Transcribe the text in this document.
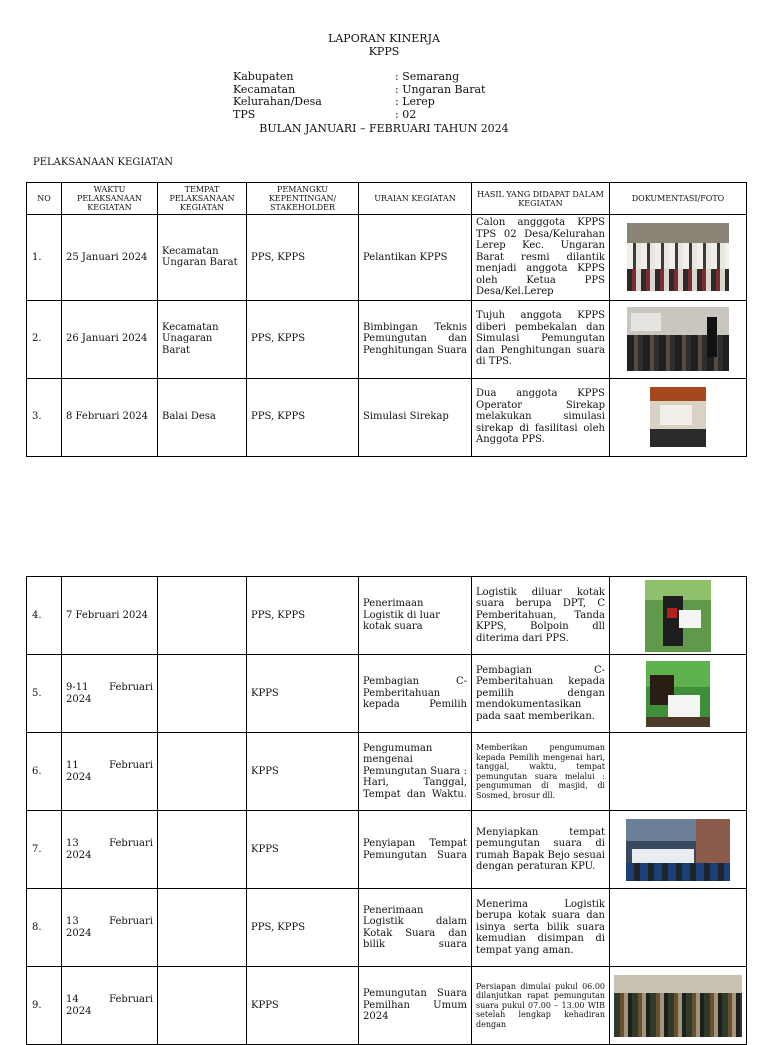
LAPORAN KINERJA
KPPS
Kabupaten	: Semarang
Kecamatan	: Ungaran Barat
Kelurahan/Desa	: Lerep
TPS	: 02
BULAN JANUARI – FEBRUARI TAHUN 2024
PELAKSANAAN KEGIATAN
NO	WAKTU PELAKSANAAN KEGIATAN	TEMPAT PELAKSANAAN KEGIATAN	PEMANGKU KEPENTINGAN/ STAKEHOLDER	URAIAN KEGIATAN	HASIL YANG DIDAPAT DALAM KEGIATAN	DOKUMENTASI/FOTO
1.	25 Januari 2024	Kecamatan Ungaran Barat	PPS, KPPS	Pelantikan KPPS	Calon angggota KPPS TPS 02 Desa/Kelurahan Lerep Kec. Ungaran Barat resmi dilantik menjadi anggota KPPS oleh Ketua PPS Desa/Kel.Lerep	

2.	26 Januari 2024	Kecamatan Unagaran Barat	PPS, KPPS	Bimbingan Teknis Pemungutan dan Penghitungan Suara	Tujuh anggota KPPS diberi pembekalan dan Simulasi Pemungutan dan Penghitungan suara di TPS.	

3.	8 Februari 2024	Balai Desa	PPS, KPPS	Simulasi Sirekap	Dua anggota KPPS Operator Sirekap melakukan simulasi sirekap di fasilitasi oleh Anggota PPS.	
4.	7 Februari 2024		PPS, KPPS	Penerimaan Logistik di luar kotak suara	Logistik diluar kotak suara berupa DPT, C Pemberitahuan, Tanda KPPS, Bolpoin dll diterima dari PPS.	

5.	9-11 Februari 2024		KPPS	Pembagian C-Pemberitahuan kepada Pemilih	Pembagian C-Pemberitahuan kepada pemilih dengan mendokumentasikan pada saat memberikan.	

6.	11 Februari 2024		KPPS	Pengumuman mengenai Pemungutan Suara : Hari, Tanggal, Tempat dan Waktu.	Memberikan pengumuman kepada Pemilih mengenai hari, tanggal, waktu, tempat pemungutan suara melalui : pengumuman di masjid, di Sosmed, brosur dll.	
7.	13 Februari 2024		KPPS	Penyiapan Tempat Pemungutan Suara	Menyiapkan tempat pemungutan suara di rumah Bapak Bejo sesuai dengan peraturan KPU.	

8.	13 Februari 2024		PPS, KPPS	Penerimaan Logistik dalam Kotak Suara dan bilik suara	Menerima Logistik berupa kotak suara dan isinya serta bilik suara kemudian disimpan di tempat yang aman.	
9.	14 Februari 2024		KPPS	Pemungutan Suara Pemilhan Umum 2024	Persiapan dimulai pukul 06.00 dilanjutkan rapat pemungutan suara pukul 07.00 – 13.00 WIB setelah lengkap kehadiran dengan	
